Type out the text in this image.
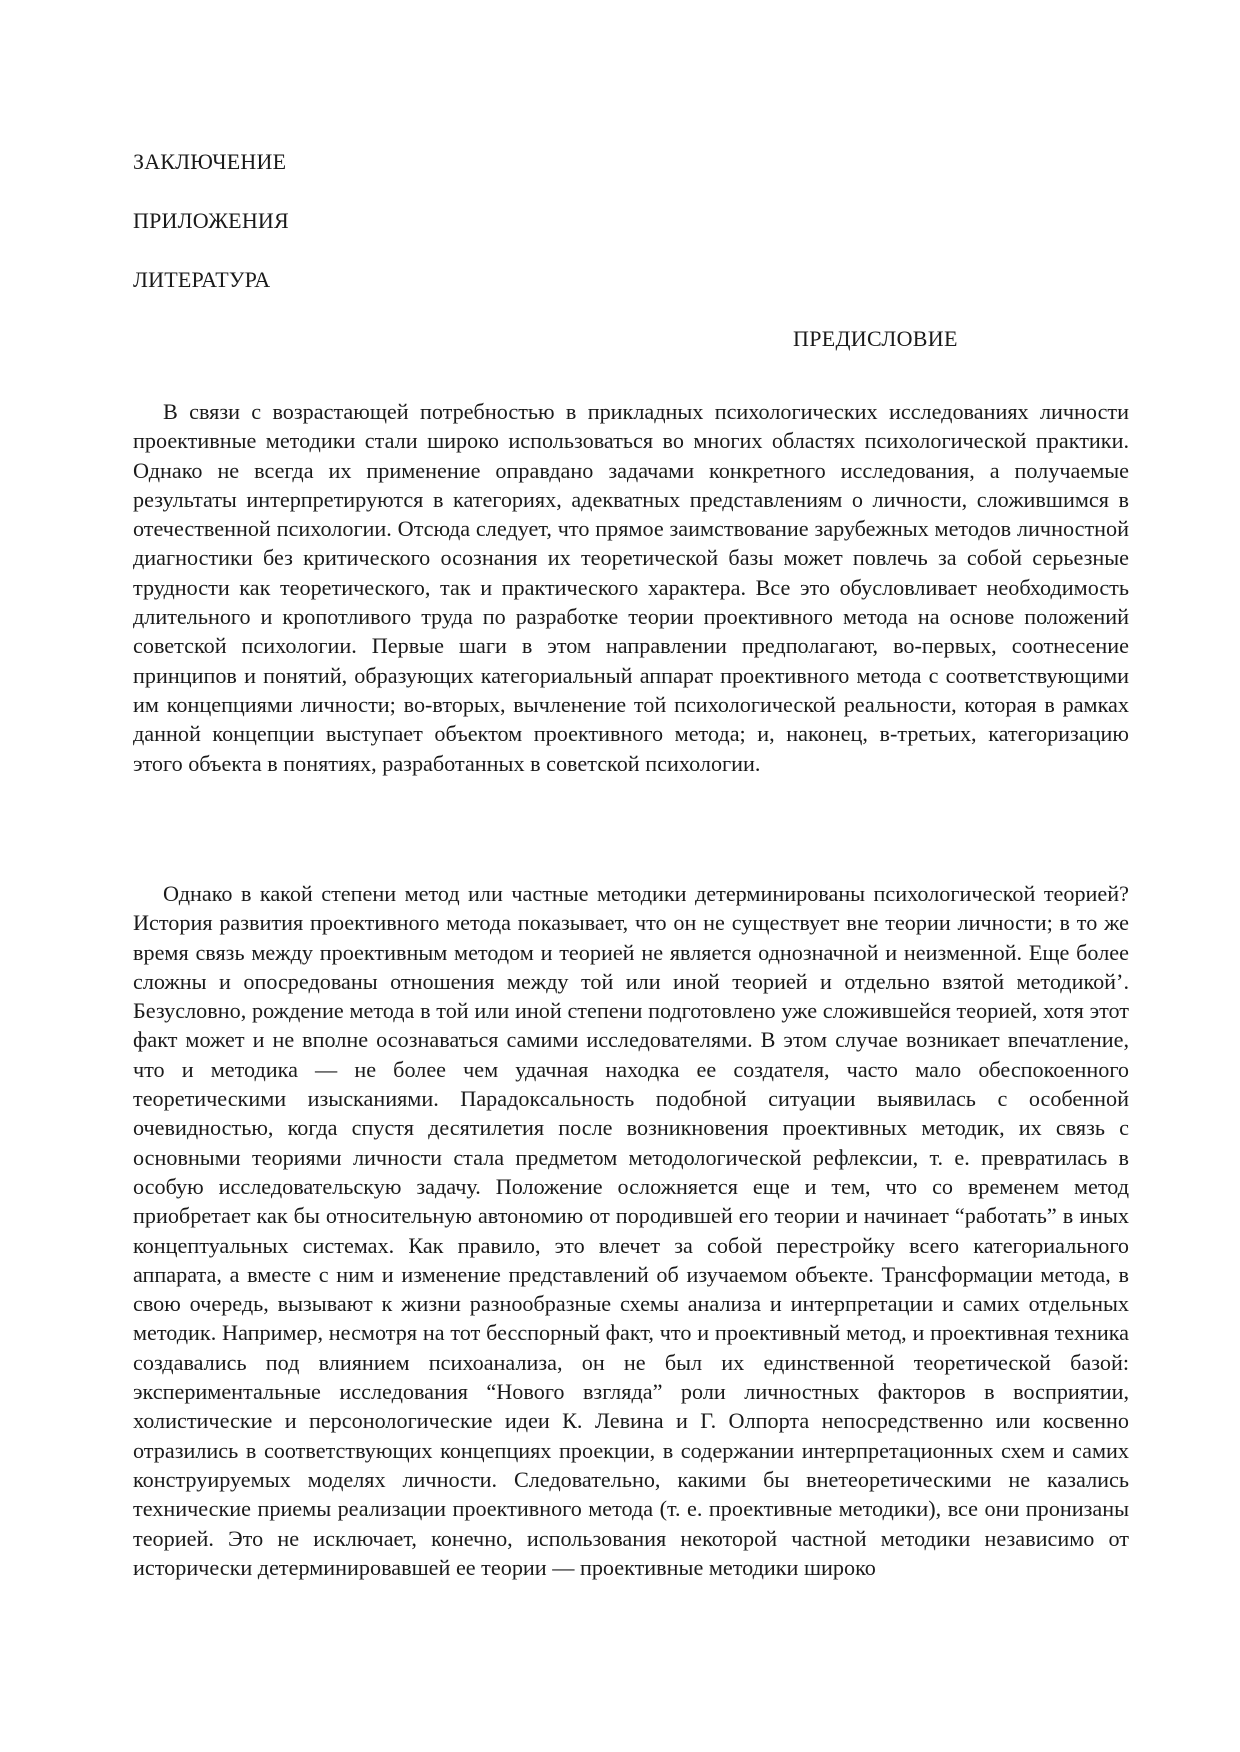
ЗАКЛЮЧЕНИЕ
ПРИЛОЖЕНИЯ
ЛИТЕРАТУРА
ПРЕДИСЛОВИЕ

В связи с возрастающей потребностью в прикладных психологических исследованиях личности проективные методики стали широко использоваться во многих областях психологической практики. Однако не всегда их применение оправдано задачами конкретного исследования, а получаемые результаты интерпретируются в категориях, адекватных представлениям о личности, сложившимся в отечественной психологии. Отсюда следует, что прямое заимствование зарубежных методов личностной диагностики без критического осознания их теоретической базы может повлечь за собой серьезные трудности как теоретического, так и практического характера. Все это обусловливает необходимость длительного и кропотливого труда по разработке теории проективного метода на основе положений советской психологии. Первые шаги в этом направлении предполагают, во-первых, соотнесение принципов и понятий, образующих категориальный аппарат проективного метода с соответствующими им концепциями личности; во-вторых, вычленение той психологической реальности, которая в рамках данной концепции выступает объектом проективного метода; и, наконец, в-третьих, категоризацию этого объекта в понятиях, разработанных в советской психологии.

Однако в какой степени метод или частные методики детерминированы психологической теорией? История развития проективного метода показывает, что он не существует вне теории личности; в то же время связь между проективным методом и теорией не является однозначной и неизменной. Еще более сложны и опосредованы отношения между той или иной теорией и отдельно взятой методикой’. Безусловно, рождение метода в той или иной степени подготовлено уже сложившейся теорией, хотя этот факт может и не вполне осознаваться самими исследователями. В этом случае возникает впечатление, что и методика — не более чем удачная находка ее создателя, часто мало обеспокоенного теоретическими изысканиями. Парадоксальность подобной ситуации выявилась с особенной очевидностью, когда спустя десятилетия после возникновения проективных методик, их связь с основными теориями личности стала предметом методологической рефлексии, т. е. превратилась в особую исследовательскую задачу. Положение осложняется еще и тем, что со временем метод приобретает как бы относительную автономию от породившей его теории и начинает “работать” в иных концептуальных системах. Как правило, это влечет за собой перестройку всего категориального аппарата, а вместе с ним и изменение представлений об изучаемом объекте. Трансформации метода, в свою очередь, вызывают к жизни разнообразные схемы анализа и интерпретации и самих отдельных методик. Например, несмотря на тот бесспорный факт, что и проективный метод, и проективная техника создавались под влиянием психоанализа, он не был их единственной теоретической базой: экспериментальные исследования “Нового взгляда” роли личностных факторов в восприятии, холистические и персонологические идеи К. Левина и Г. Олпорта непосредственно или косвенно отразились в соответствующих концепциях проекции, в содержании интерпретационных схем и самих конструируемых моделях личности. Следовательно, какими бы внетеоретическими не казались технические приемы реализации проективного метода (т. е. проективные методики), все они пронизаны теорией. Это не исключает, конечно, использования некоторой частной методики независимо от исторически детерминировавшей ее теории — проективные методики широко
